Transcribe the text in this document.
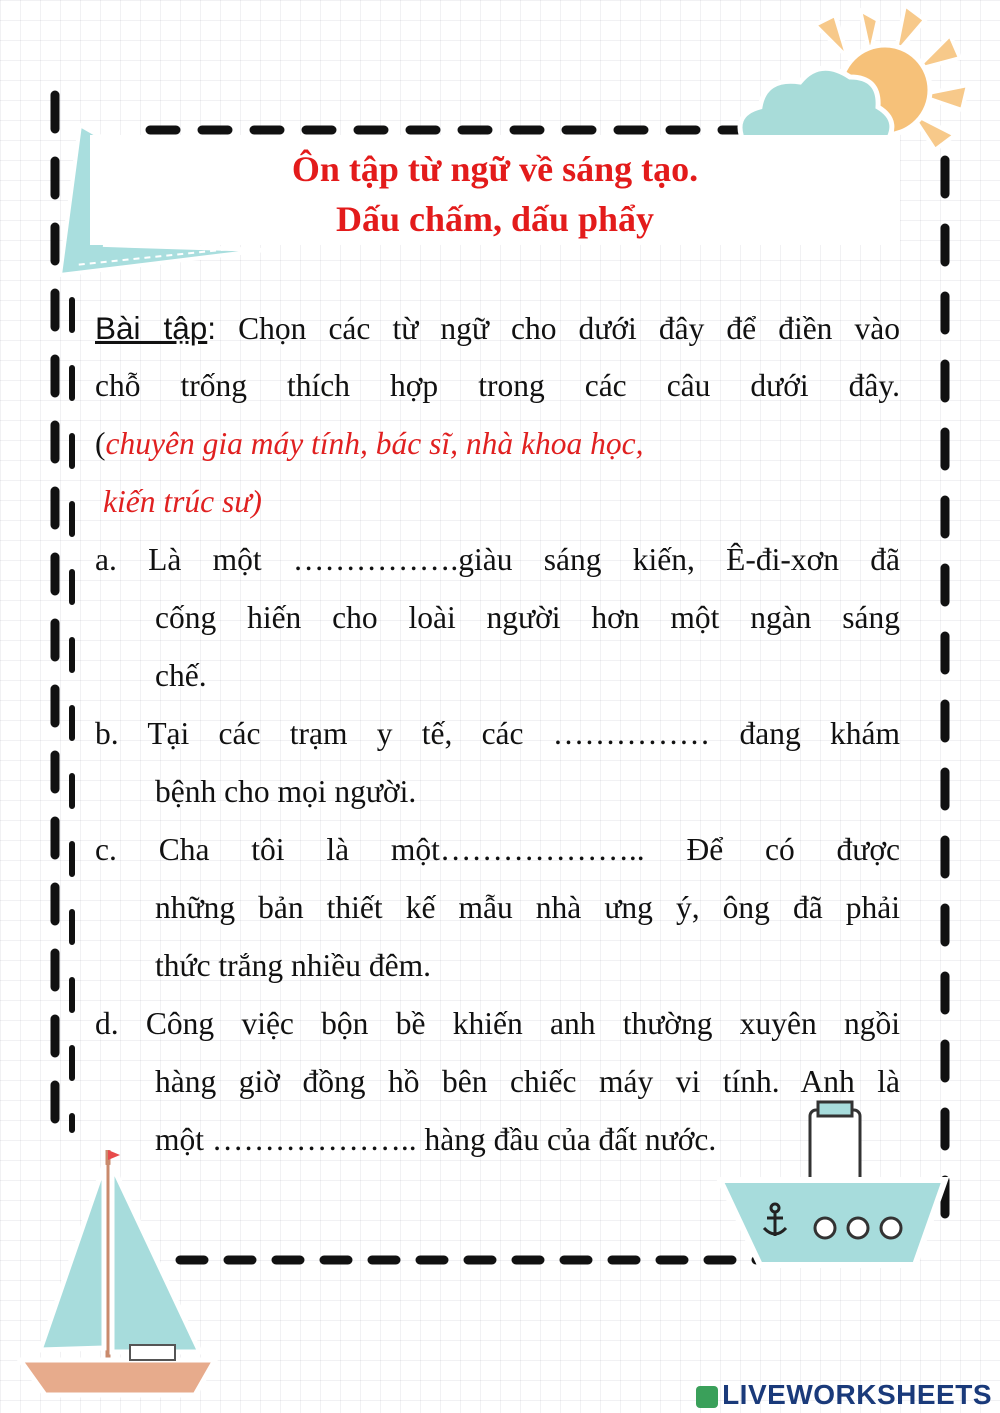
Ôn tập từ ngữ về sáng tạo.
Dấu chấm, dấu phẩy
Bài tập: Chọn các từ ngữ cho dưới đây để điền vào
chỗ trống thích hợp trong các câu dưới đây.
(chuyên gia máy tính, bác sĩ, nhà khoa học,
kiến trúc sư)
a. Là một …………….giàu sáng kiến, Ê-đi-xơn đã
cống hiến cho loài người hơn một ngàn sáng
chế.
b. Tại các trạm y tế, các …………… đang khám
bệnh cho mọi người.
c. Cha tôi là một……………….. Để có được
những bản thiết kế mẫu nhà ưng ý, ông đã phải
thức trắng nhiều đêm.
d. Công việc bộn bề khiến anh thường xuyên ngồi
hàng giờ đồng hồ bên chiếc máy vi tính. Anh là
một ……………….. hàng đầu của đất nước.
LIVEWORKSHEETS
